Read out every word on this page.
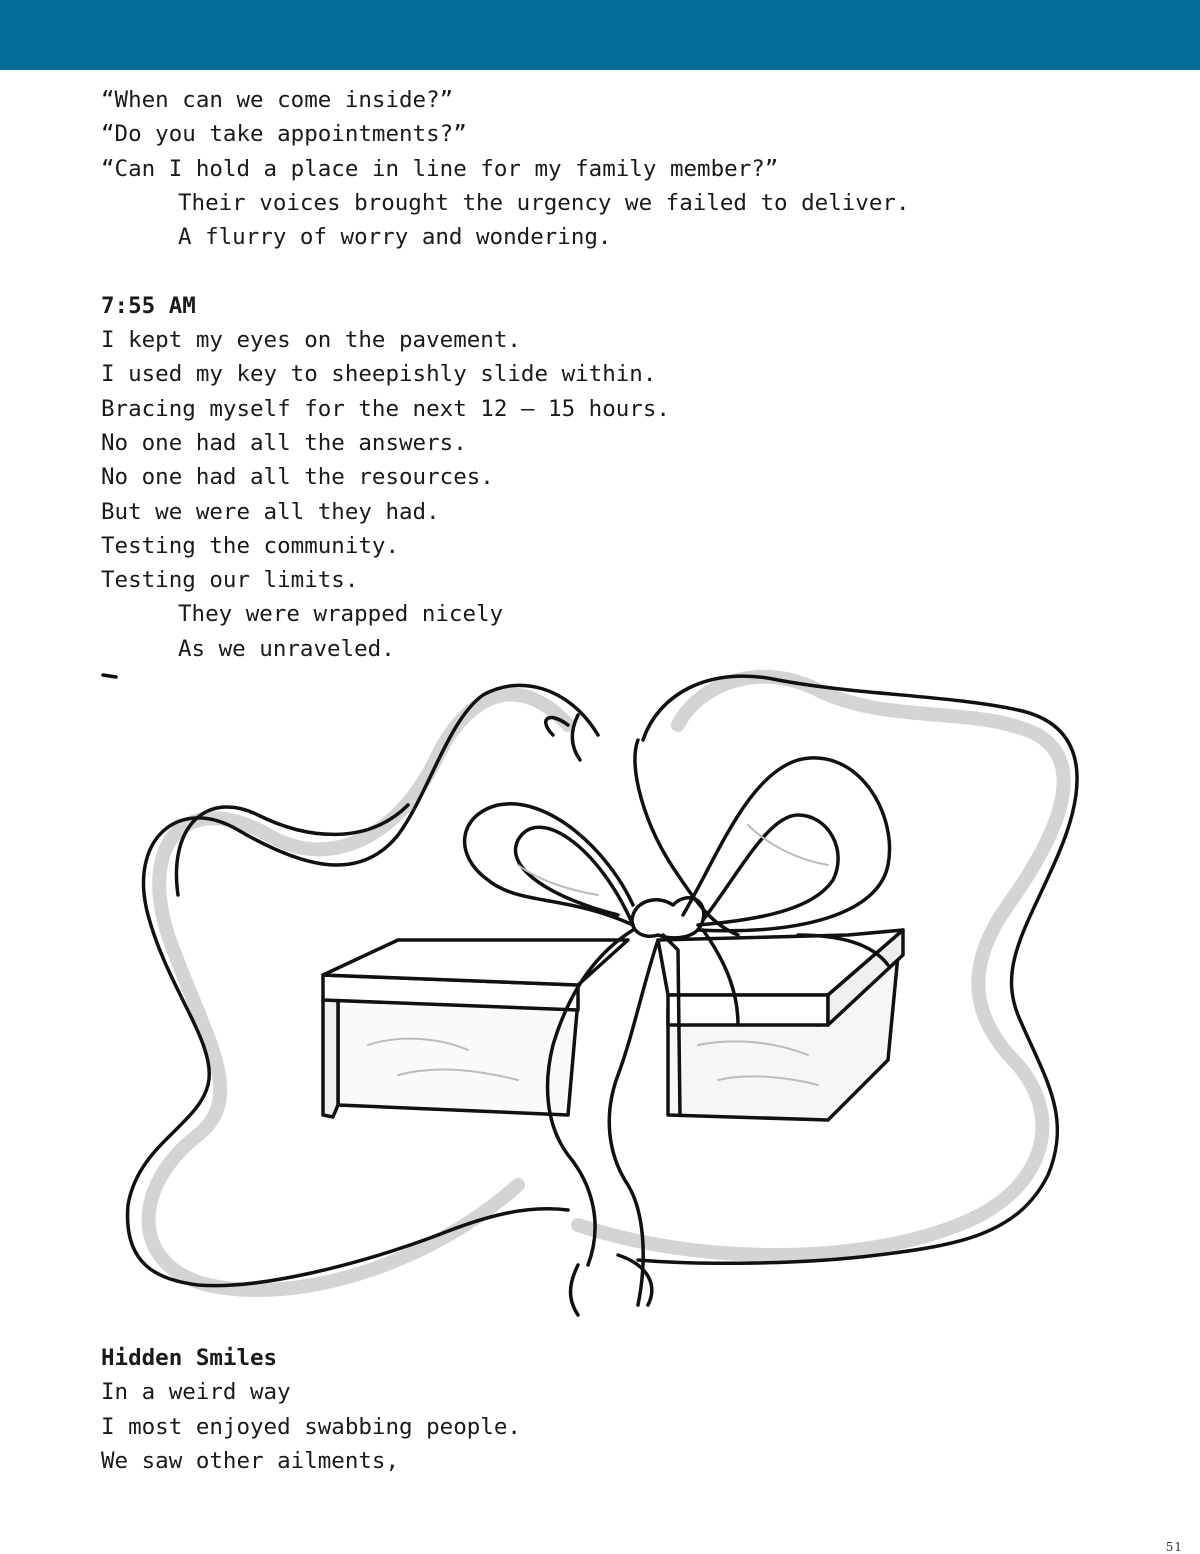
“When can we come inside?”
“Do you take appointments?”
“Can I hold a place in line for my family member?”
Their voices brought the urgency we failed to deliver.
A flurry of worry and wondering.
7:55 AM
I kept my eyes on the pavement.
I used my key to sheepishly slide within.
Bracing myself for the next 12 – 15 hours.
No one had all the answers.
No one had all the resources.
But we were all they had.
Testing the community.
Testing our limits.
They were wrapped nicely
As we unraveled.
Hidden Smiles
In a weird way
I most enjoyed swabbing people.
We saw other ailments,
51
